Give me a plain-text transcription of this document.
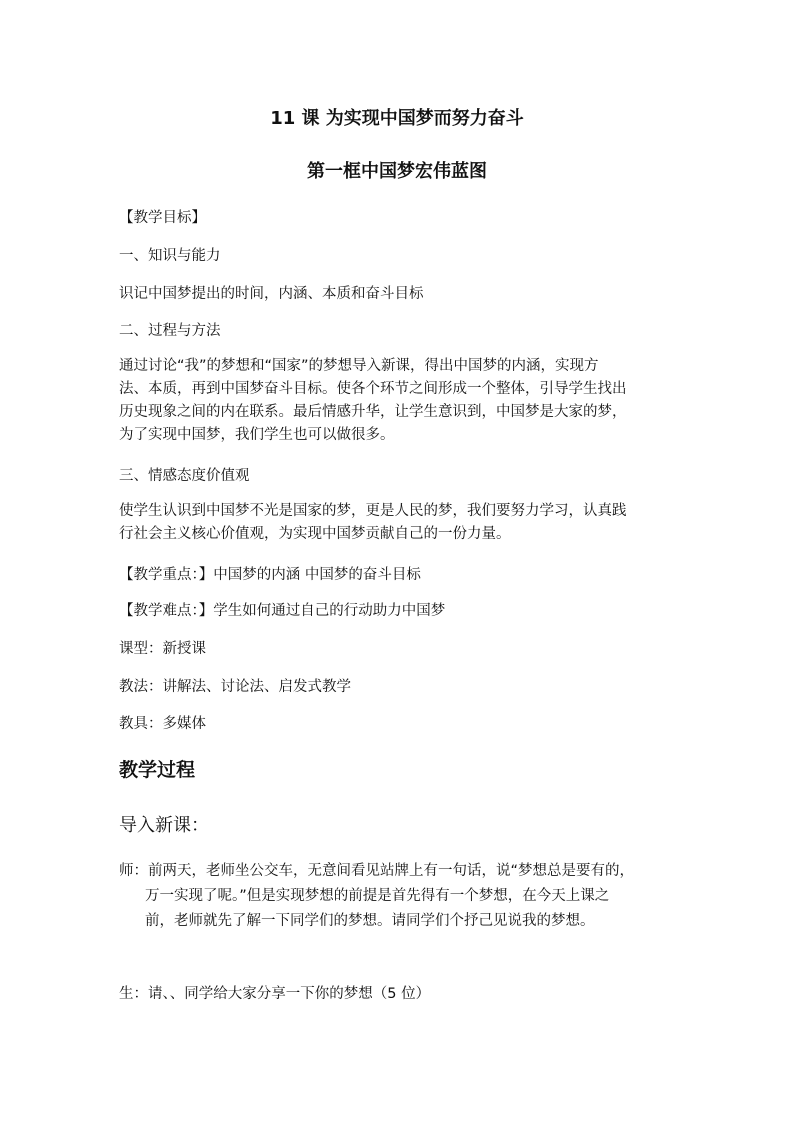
11 课 为实现中国梦而努力奋斗
第一框中国梦宏伟蓝图
【教学目标】
一、知识与能力
识记中国梦提出的时间，内涵、本质和奋斗目标
二、过程与方法
通过讨论“我”的梦想和“国家”的梦想导入新课，得出中国梦的内涵，实现方
法、本质，再到中国梦奋斗目标。使各个环节之间形成一个整体，引导学生找出
历史现象之间的内在联系。最后情感升华，让学生意识到，中国梦是大家的梦，
为了实现中国梦，我们学生也可以做很多。
三、情感态度价值观
使学生认识到中国梦不光是国家的梦，更是人民的梦，我们要努力学习，认真践
行社会主义核心价值观，为实现中国梦贡献自己的一份力量。
【教学重点：】中国梦的内涵 中国梦的奋斗目标
【教学难点：】学生如何通过自己的行动助力中国梦
课型：新授课
教法：讲解法、讨论法、启发式教学
教具：多媒体
教学过程
导入新课：
师：前两天，老师坐公交车，无意间看见站牌上有一句话，说“梦想总是要有的，
万一实现了呢。”但是实现梦想的前提是首先得有一个梦想，在今天上课之
前，老师就先了解一下同学们的梦想。请同学们个抒己见说我的梦想。
生：请、、同学给大家分享一下你的梦想（5 位）
